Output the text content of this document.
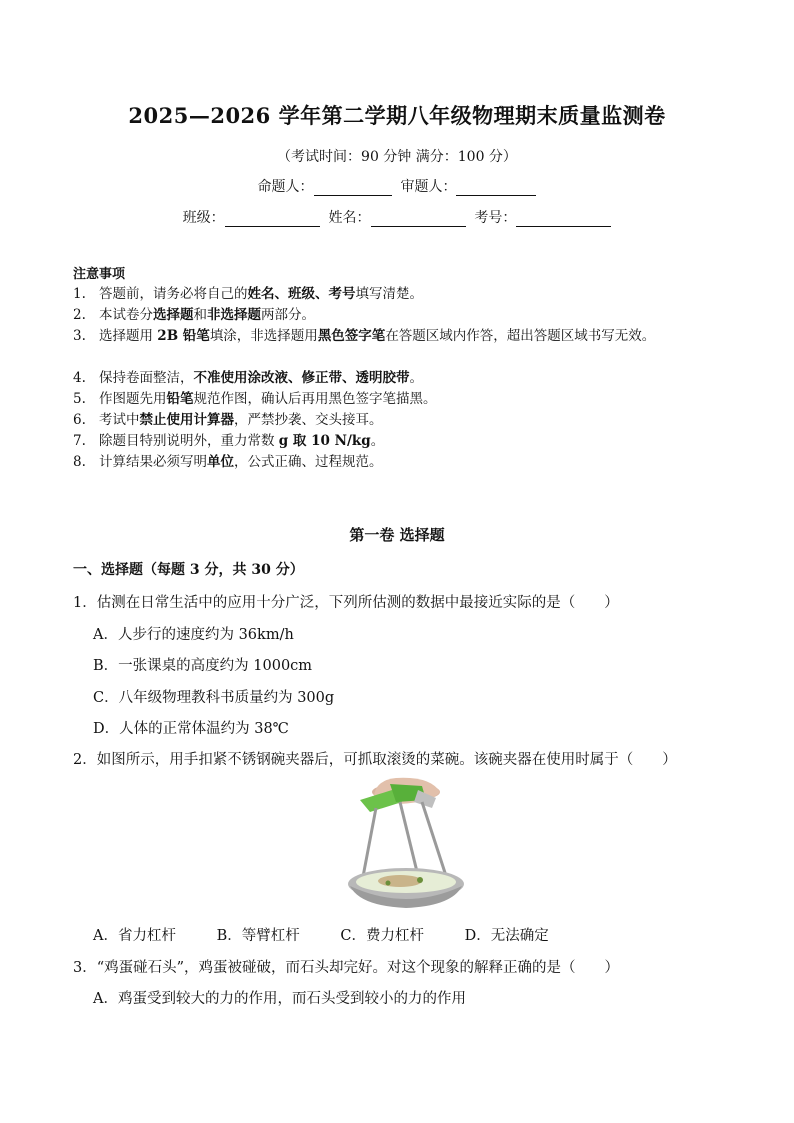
2025—2026 学年第二学期八年级物理期末质量监测卷
（考试时间：90 分钟 满分：100 分）
命题人：	审题人：
班级：	姓名：	考号：
注意事项
1. 答题前，请务必将自己的姓名、班级、考号填写清楚。
2. 本试卷分选择题和非选择题两部分。
3. 选择题用 2B 铅笔填涂，非选择题用黑色签字笔在答题区域内作答，超出答题区域书写无效。
4. 保持卷面整洁，不准使用涂改液、修正带、透明胶带。
5. 作图题先用铅笔规范作图，确认后再用黑色签字笔描黑。
6. 考试中禁止使用计算器，严禁抄袭、交头接耳。
7. 除题目特别说明外，重力常数 g 取 10 N/kg。
8. 计算结果必须写明单位，公式正确、过程规范。
第一卷 选择题
一、选择题（每题 3 分，共 30 分）
1．估测在日常生活中的应用十分广泛，下列所估测的数据中最接近实际的是（　　）
A．人步行的速度约为 36km/h
B．一张课桌的高度约为 1000cm
C．八年级物理教科书质量约为 300g
D．人体的正常体温约为 38℃
2．如图所示，用手扣紧不锈钢碗夹器后，可抓取滚烫的菜碗。该碗夹器在使用时属于（　　）
A．省力杠杆	B．等臂杠杆	C．费力杠杆	D．无法确定
3．“鸡蛋碰石头”，鸡蛋被碰破，而石头却完好。对这个现象的解释正确的是（　　）
A．鸡蛋受到较大的力的作用，而石头受到较小的力的作用
